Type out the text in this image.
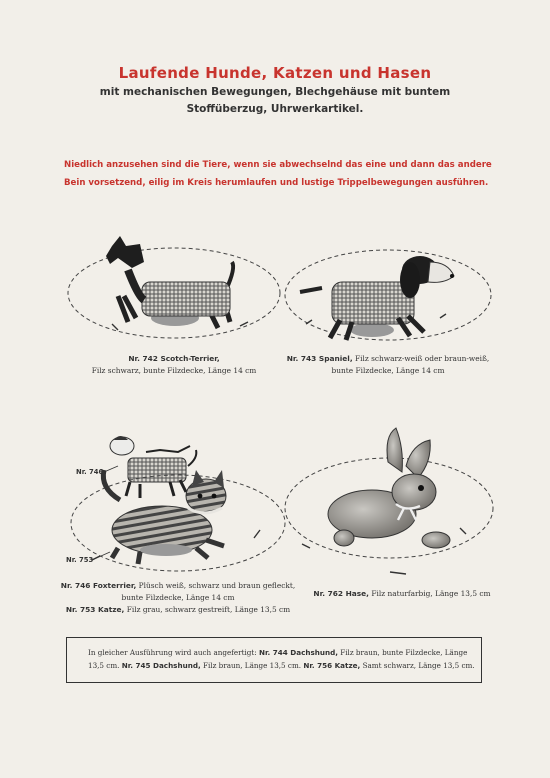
Laufende Hunde, Katzen und Hasen
mit mechanischen Bewegungen, Blechgehäuse mit buntem
Stoffüberzug, Uhrwerkartikel.
Niedlich anzusehen sind die Tiere, wenn sie abwechselnd das eine und dann das andere
Bein vorsetzend, eilig im Kreis herumlaufen und lustige Trippelbewegungen ausführen.
Nr. 746
Nr. 753
Nr. 742 Scotch-Terrier,
Filz schwarz, bunte Filzdecke, Länge 14 cm
Nr. 743 Spaniel, Filz schwarz-weiß oder braun-weiß,
bunte Filzdecke, Länge 14 cm
Nr. 746 Foxterrier, Plüsch weiß, schwarz und braun gefleckt,
bunte Filzdecke, Länge 14 cm
Nr. 753 Katze, Filz grau, schwarz gestreift, Länge 13,5 cm
Nr. 762 Hase, Filz naturfarbig, Länge 13,5 cm
In gleicher Ausführung wird auch angefertigt: Nr. 744 Dachshund, Filz braun, bunte Filzdecke, Länge
13,5 cm. Nr. 745 Dachshund, Filz braun, Länge 13,5 cm. Nr. 756 Katze, Samt schwarz, Länge 13,5 cm.
